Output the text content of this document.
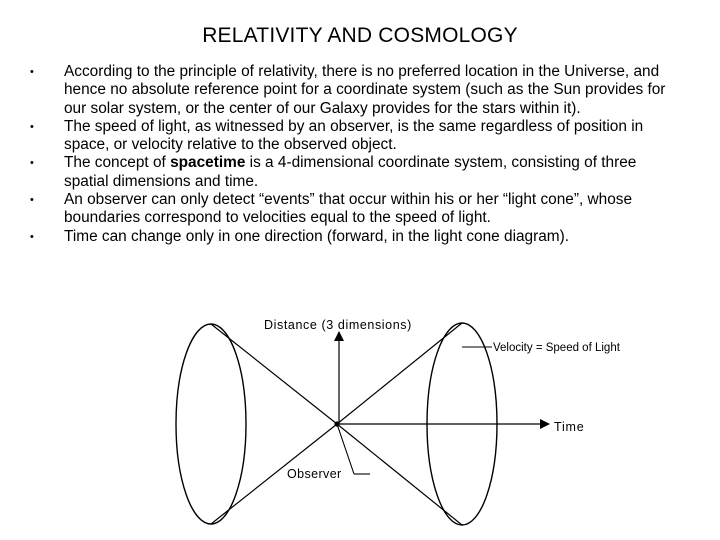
RELATIVITY AND COSMOLOGY
• According to the principle of relativity, there is no preferred location in the Universe, and hence no absolute reference point for a coordinate system (such as the Sun provides for our solar system, or the center of our Galaxy provides for the stars within it).
• The speed of light, as witnessed by an observer, is the same regardless of position in space, or velocity relative to the observed object.
• The concept of spacetime is a 4-dimensional coordinate system, consisting of three spatial dimensions and time.
• An observer can only detect “events” that occur within his or her “light cone”, whose boundaries correspond to velocities equal to the speed of light.
• Time can change only in one direction (forward, in the light cone diagram).
Distance (3 dimensions)
Velocity = Speed of Light
Time
Observer
